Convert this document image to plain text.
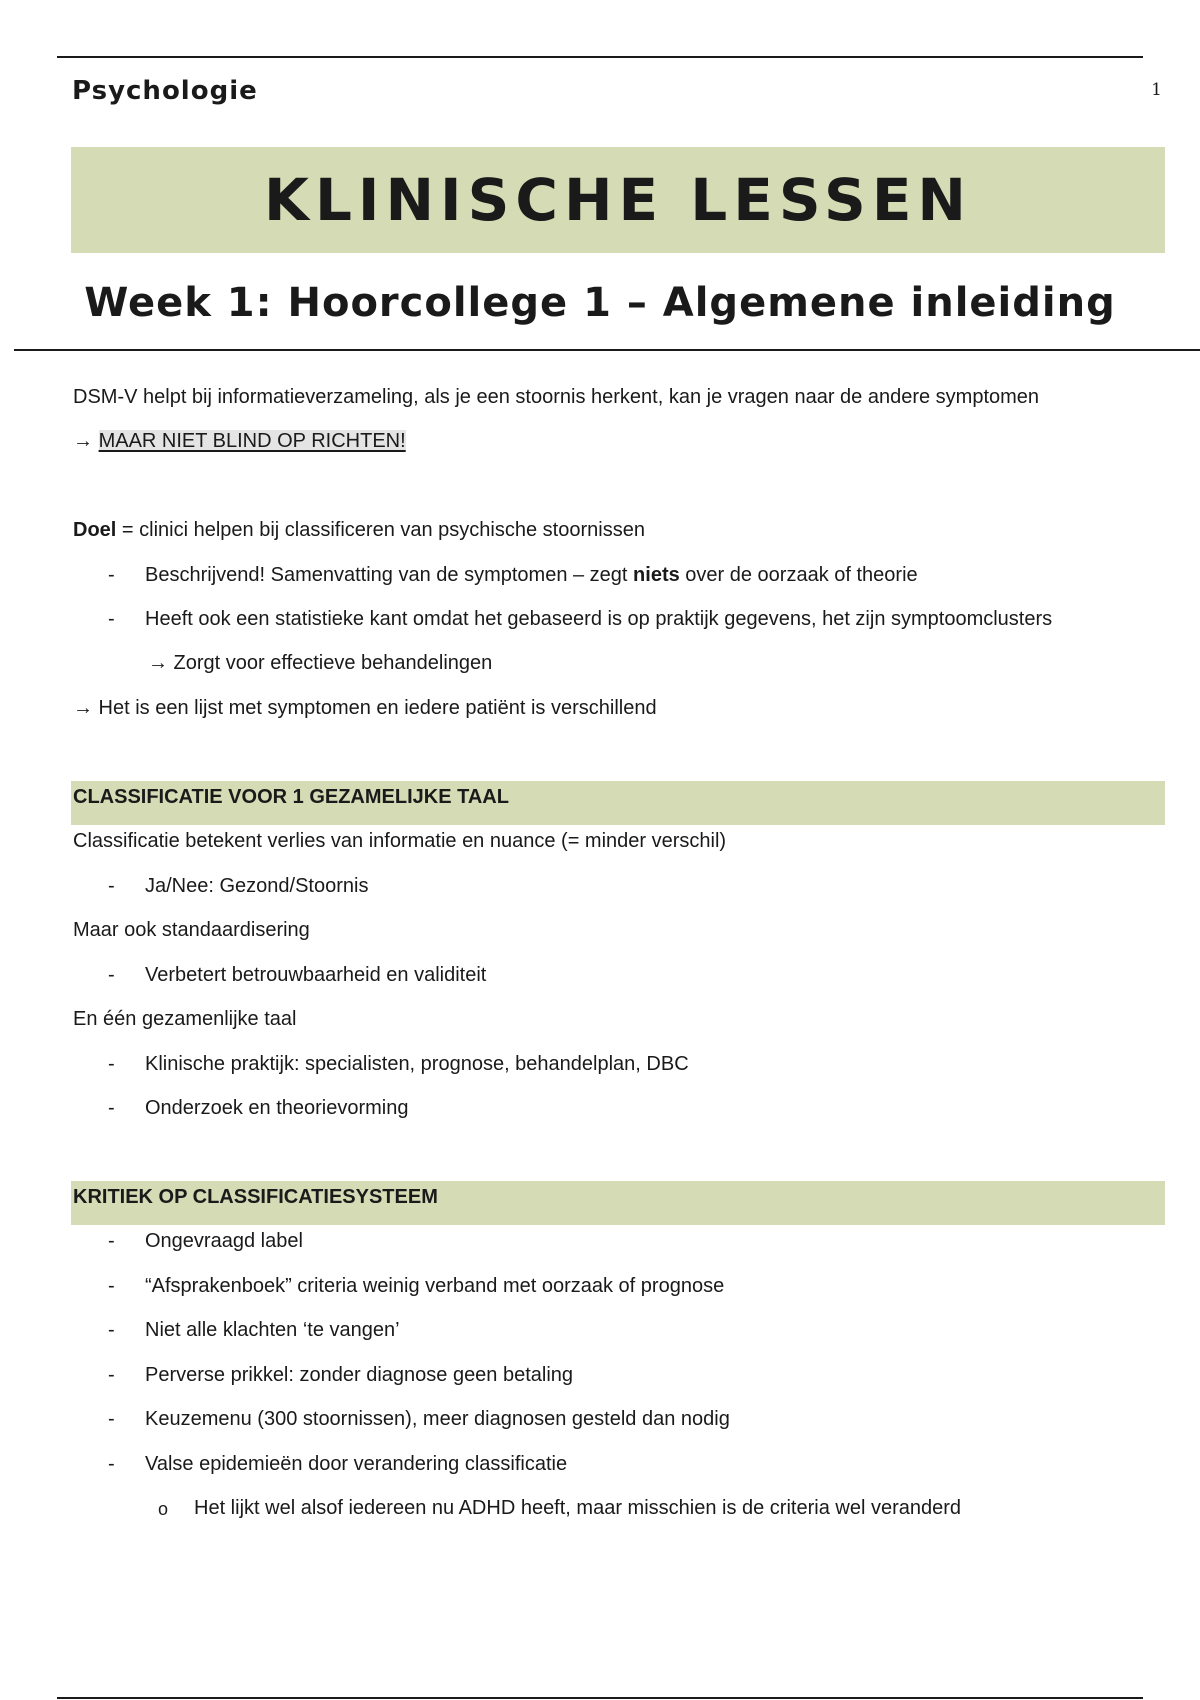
Psychologie	1
KLINISCHE LESSEN
Week 1: Hoorcollege 1 – Algemene inleiding
DSM-V helpt bij informatieverzameling, als je een stoornis herkent, kan je vragen naar de andere symptomen
→ MAAR NIET BLIND OP RICHTEN!
Doel = clinici helpen bij classificeren van psychische stoornissen
- Beschrijvend! Samenvatting van de symptomen – zegt niets over de oorzaak of theorie
- Heeft ook een statistieke kant omdat het gebaseerd is op praktijk gegevens, het zijn symptoomclusters
→ Zorgt voor effectieve behandelingen
→ Het is een lijst met symptomen en iedere patiënt is verschillend
CLASSIFICATIE VOOR 1 GEZAMELIJKE TAAL
Classificatie betekent verlies van informatie en nuance (= minder verschil)
- Ja/Nee: Gezond/Stoornis
Maar ook standaardisering
- Verbetert betrouwbaarheid en validiteit
En één gezamenlijke taal
- Klinische praktijk: specialisten, prognose, behandelplan, DBC
- Onderzoek en theorievorming
KRITIEK OP CLASSIFICATIESYSTEEM
- Ongevraagd label
- “Afsprakenboek” criteria weinig verband met oorzaak of prognose
- Niet alle klachten ‘te vangen’
- Perverse prikkel: zonder diagnose geen betaling
- Keuzemenu (300 stoornissen), meer diagnosen gesteld dan nodig
- Valse epidemieën door verandering classificatie
o Het lijkt wel alsof iedereen nu ADHD heeft, maar misschien is de criteria wel veranderd
